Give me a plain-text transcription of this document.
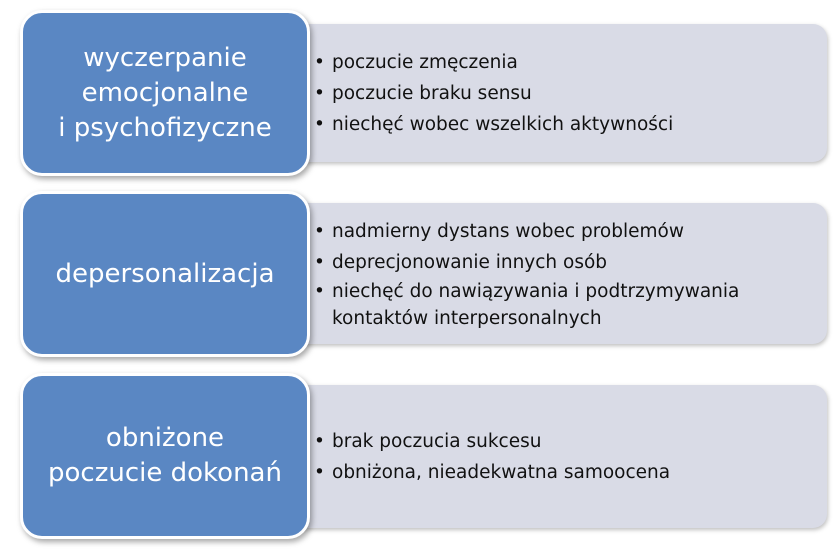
• poczucie zmęczenia
• poczucie braku sensu
• niechęć wobec wszelkich aktywności
wyczerpanie
emocjonalne
i psychofizyczne
• nadmierny dystans wobec problemów
• deprecjonowanie innych osób
• niechęć do nawiązywania i podtrzymywania
kontaktów interpersonalnych
depersonalizacja
• brak poczucia sukcesu
• obniżona, nieadekwatna samoocena
obniżone
poczucie dokonań
